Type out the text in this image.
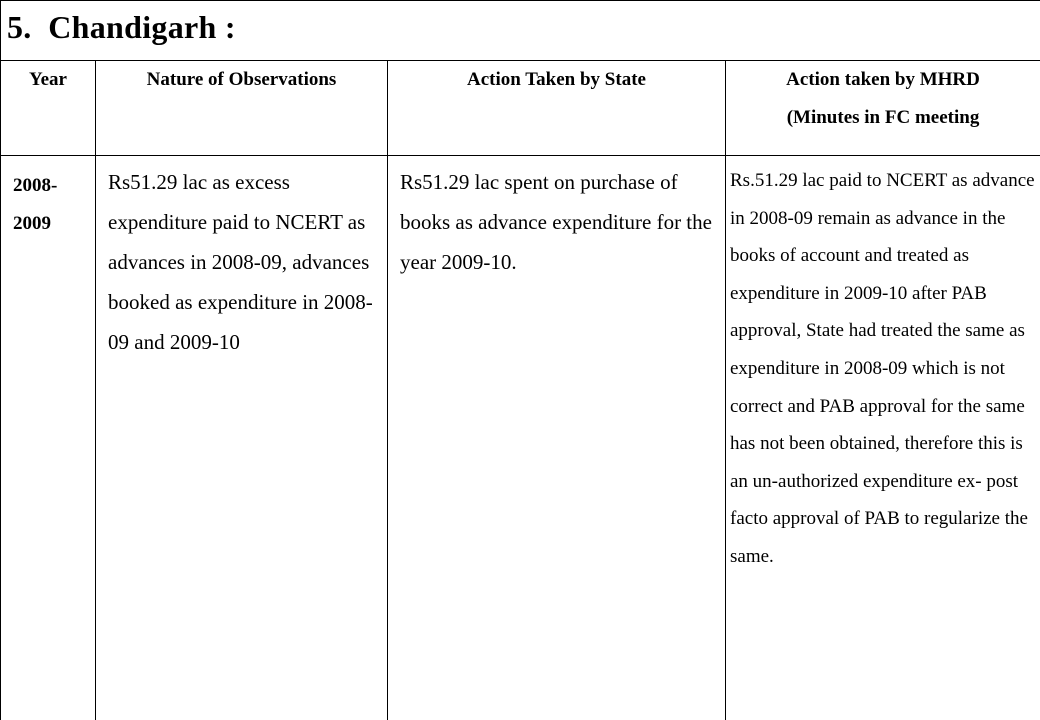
5.  Chandigarh :			
Year	Nature of Observations	Action Taken by State	Action taken by MHRD
(Minutes in FC meeting

2008-
2009	Rs51.29 lac as excess expenditure paid to NCERT as advances in 2008-09, advances booked as expenditure in 2008-09 and 2009-10	Rs51.29 lac spent on purchase of books as advance expenditure for the year 2009-10.	Rs.51.29 lac paid to NCERT as advance in 2008-09 remain as advance in the books of account and treated as expenditure in 2009-10 after PAB approval, State had treated the same as expenditure in 2008-09 which is not correct and PAB approval for the same has not been obtained, therefore this is an un-authorized expenditure ex- post facto approval of PAB to regularize the same.
